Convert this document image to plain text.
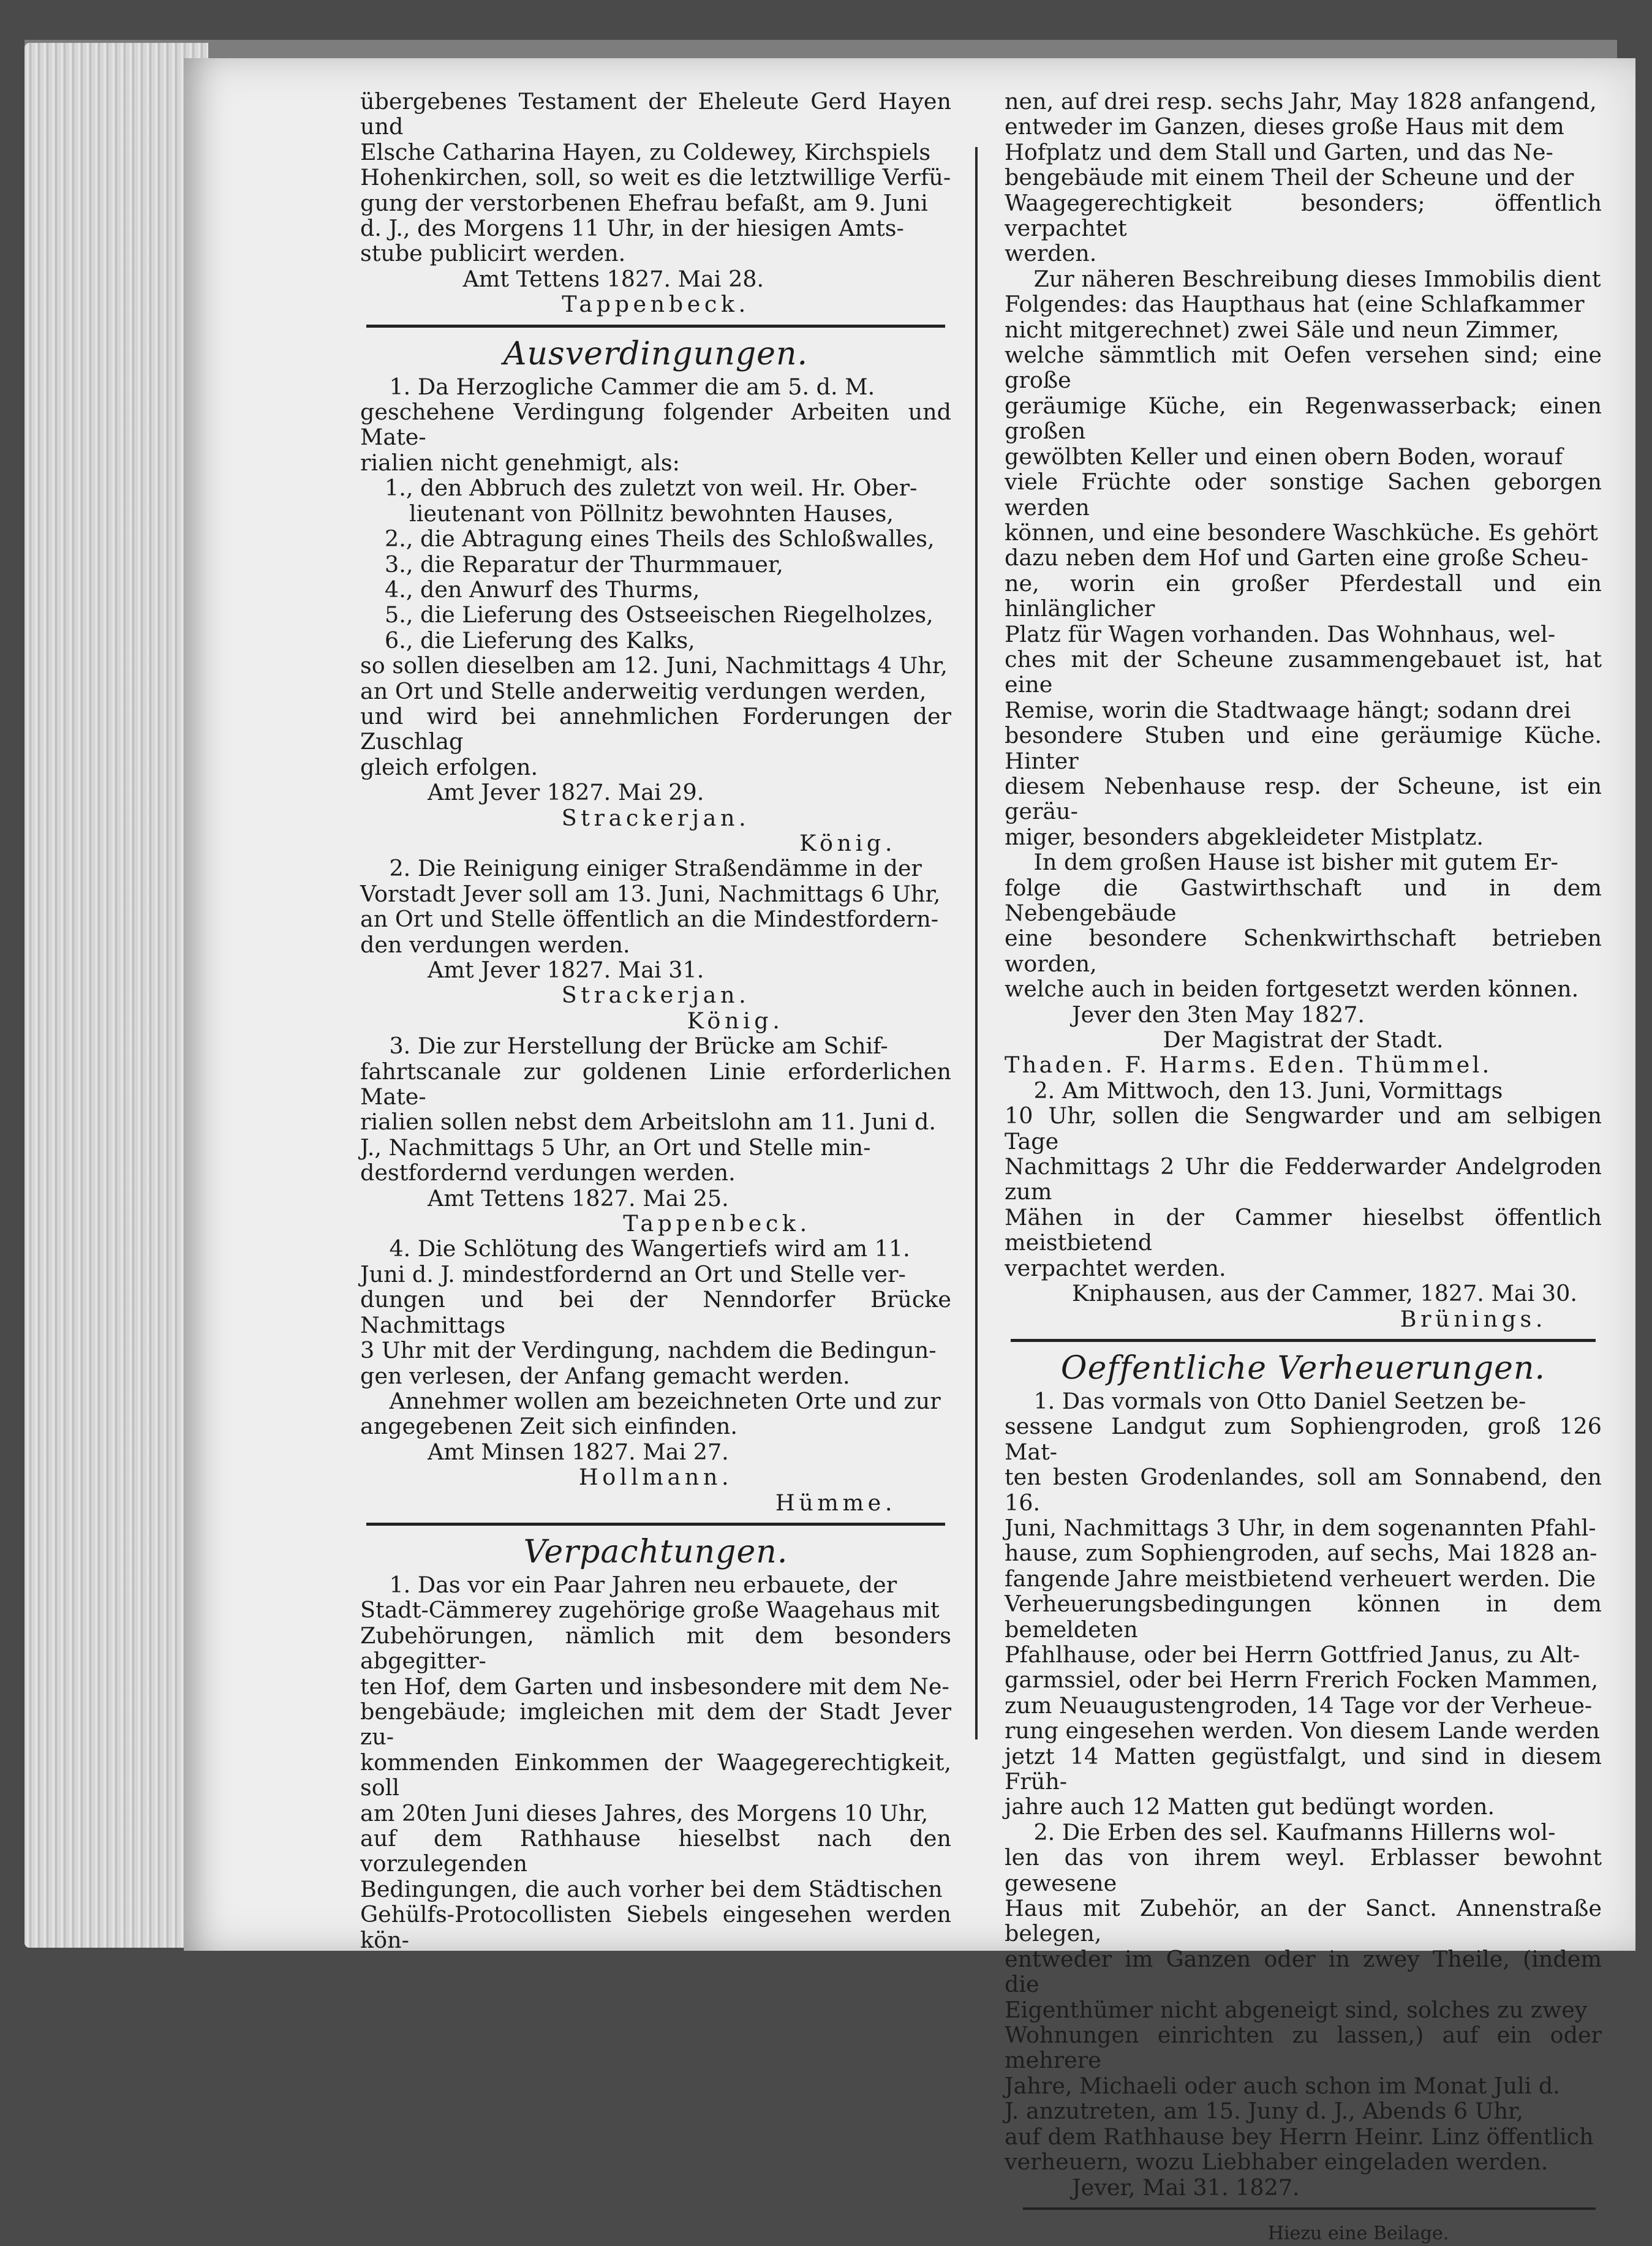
übergebenes Testament der Eheleute Gerd Hayen und

Elsche Catharina Hayen, zu Coldewey, Kirchspiels

Hohenkirchen, soll, so weit es die letztwillige Verfü-

gung der verstorbenen Ehefrau befaßt, am 9. Juni

d. J., des Morgens 11 Uhr, in der hiesigen Amts-

stube publicirt werden.

Amt Tettens 1827. Mai 28.

Tappenbeck.

Ausverdingungen.

1. Da Herzogliche Cammer die am 5. d. M.

geschehene Verdingung folgender Arbeiten und Mate-

rialien nicht genehmigt, als:

1., den Abbruch des zuletzt von weil. Hr. Ober-

lieutenant von Pöllnitz bewohnten Hauses,

2., die Abtragung eines Theils des Schloßwalles,

3., die Reparatur der Thurmmauer,

4., den Anwurf des Thurms,

5., die Lieferung des Ostseeischen Riegelholzes,

6., die Lieferung des Kalks,

so sollen dieselben am 12. Juni, Nachmittags 4 Uhr,

an Ort und Stelle anderweitig verdungen werden,

und wird bei annehmlichen Forderungen der Zuschlag

gleich erfolgen.

Amt Jever 1827. Mai 29.

Strackerjan.

König.

2. Die Reinigung einiger Straßendämme in der

Vorstadt Jever soll am 13. Juni, Nachmittags 6 Uhr,

an Ort und Stelle öffentlich an die Mindestfordern-

den verdungen werden.

Amt Jever 1827. Mai 31.

Strackerjan.

König.

3. Die zur Herstellung der Brücke am Schif-

fahrtscanale zur goldenen Linie erforderlichen Mate-

rialien sollen nebst dem Arbeitslohn am 11. Juni d.

J., Nachmittags 5 Uhr, an Ort und Stelle min-

destfordernd verdungen werden.

Amt Tettens 1827. Mai 25.

Tappenbeck.

4. Die Schlötung des Wangertiefs wird am 11.

Juni d. J. mindestfordernd an Ort und Stelle ver-

dungen und bei der Nenndorfer Brücke Nachmittags

3 Uhr mit der Verdingung, nachdem die Bedingun-

gen verlesen, der Anfang gemacht werden.

Annehmer wollen am bezeichneten Orte und zur

angegebenen Zeit sich einfinden.

Amt Minsen 1827. Mai 27.

Hollmann.

Hümme.

Verpachtungen.

1. Das vor ein Paar Jahren neu erbauete, der

Stadt-Cämmerey zugehörige große Waagehaus mit

Zubehörungen, nämlich mit dem besonders abgegitter-

ten Hof, dem Garten und insbesondere mit dem Ne-

bengebäude; imgleichen mit dem der Stadt Jever zu-

kommenden Einkommen der Waagegerechtigkeit, soll

am 20ten Juni dieses Jahres, des Morgens 10 Uhr,

auf dem Rathhause hieselbst nach den vorzulegenden

Bedingungen, die auch vorher bei dem Städtischen

Gehülfs-Protocollisten Siebels eingesehen werden kön-

nen, auf drei resp. sechs Jahr, May 1828 anfangend,

entweder im Ganzen, dieses große Haus mit dem

Hofplatz und dem Stall und Garten, und das Ne-

bengebäude mit einem Theil der Scheune und der

Waagegerechtigkeit besonders; öffentlich verpachtet

werden.

Zur näheren Beschreibung dieses Immobilis dient

Folgendes: das Haupthaus hat (eine Schlafkammer

nicht mitgerechnet) zwei Säle und neun Zimmer,

welche sämmtlich mit Oefen versehen sind; eine große

geräumige Küche, ein Regenwasserback; einen großen

gewölbten Keller und einen obern Boden, worauf

viele Früchte oder sonstige Sachen geborgen werden

können, und eine besondere Waschküche. Es gehört

dazu neben dem Hof und Garten eine große Scheu-

ne, worin ein großer Pferdestall und ein hinlänglicher

Platz für Wagen vorhanden. Das Wohnhaus, wel-

ches mit der Scheune zusammengebauet ist, hat eine

Remise, worin die Stadtwaage hängt; sodann drei

besondere Stuben und eine geräumige Küche. Hinter

diesem Nebenhause resp. der Scheune, ist ein geräu-

miger, besonders abgekleideter Mistplatz.

In dem großen Hause ist bisher mit gutem Er-

folge die Gastwirthschaft und in dem Nebengebäude

eine besondere Schenkwirthschaft betrieben worden,

welche auch in beiden fortgesetzt werden können.

Jever den 3ten May 1827.

Der Magistrat der Stadt.

Thaden. F. Harms. Eden. Thümmel.

2. Am Mittwoch, den 13. Juni, Vormittags

10 Uhr, sollen die Sengwarder und am selbigen Tage

Nachmittags 2 Uhr die Fedderwarder Andelgroden zum

Mähen in der Cammer hieselbst öffentlich meistbietend

verpachtet werden.

Kniphausen, aus der Cammer, 1827. Mai 30.

Brünings.

Oeffentliche Verheuerungen.

1. Das vormals von Otto Daniel Seetzen be-

sessene Landgut zum Sophiengroden, groß 126 Mat-

ten besten Grodenlandes, soll am Sonnabend, den 16.

Juni, Nachmittags 3 Uhr, in dem sogenannten Pfahl-

hause, zum Sophiengroden, auf sechs, Mai 1828 an-

fangende Jahre meistbietend verheuert werden. Die

Verheuerungsbedingungen können in dem bemeldeten

Pfahlhause, oder bei Herrn Gottfried Janus, zu Alt-

garmssiel, oder bei Herrn Frerich Focken Mammen,

zum Neuaugustengroden, 14 Tage vor der Verheue-

rung eingesehen werden. Von diesem Lande werden

jetzt 14 Matten gegüstfalgt, und sind in diesem Früh-

jahre auch 12 Matten gut bedüngt worden.

2. Die Erben des sel. Kaufmanns Hillerns wol-

len das von ihrem weyl. Erblasser bewohnt gewesene

Haus mit Zubehör, an der Sanct. Annenstraße belegen,

entweder im Ganzen oder in zwey Theile, (indem die

Eigenthümer nicht abgeneigt sind, solches zu zwey

Wohnungen einrichten zu lassen,) auf ein oder mehrere

Jahre, Michaeli oder auch schon im Monat Juli d.

J. anzutreten, am 15. Juny d. J., Abends 6 Uhr,

auf dem Rathhause bey Herrn Heinr. Linz öffentlich

verheuern, wozu Liebhaber eingeladen werden.

Jever, Mai 31. 1827.

Hiezu eine Beilage.
